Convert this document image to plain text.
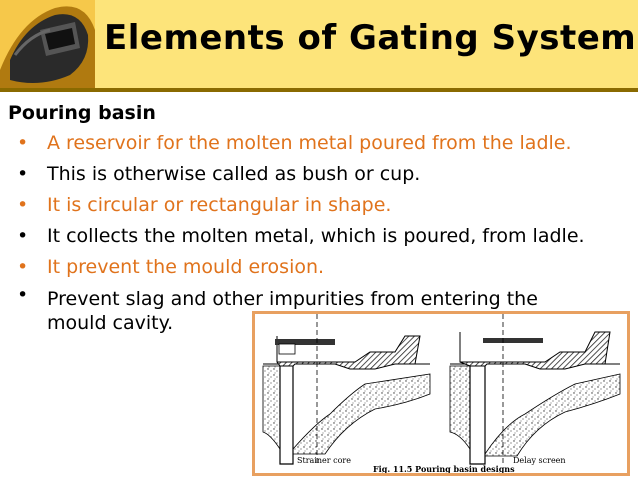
Elements of Gating System
Pouring basin
• A reservoir for the molten metal poured from the ladle.
• This is otherwise called as bush or cup.
• It is circular or rectangular in shape.
• It collects the molten metal, which is poured, from ladle.
• It prevent the mould erosion.
• Prevent slag and other impurities from entering the mould cavity.
Strainer core	Delay screen
Fig. 11.5 Pouring basin designs
